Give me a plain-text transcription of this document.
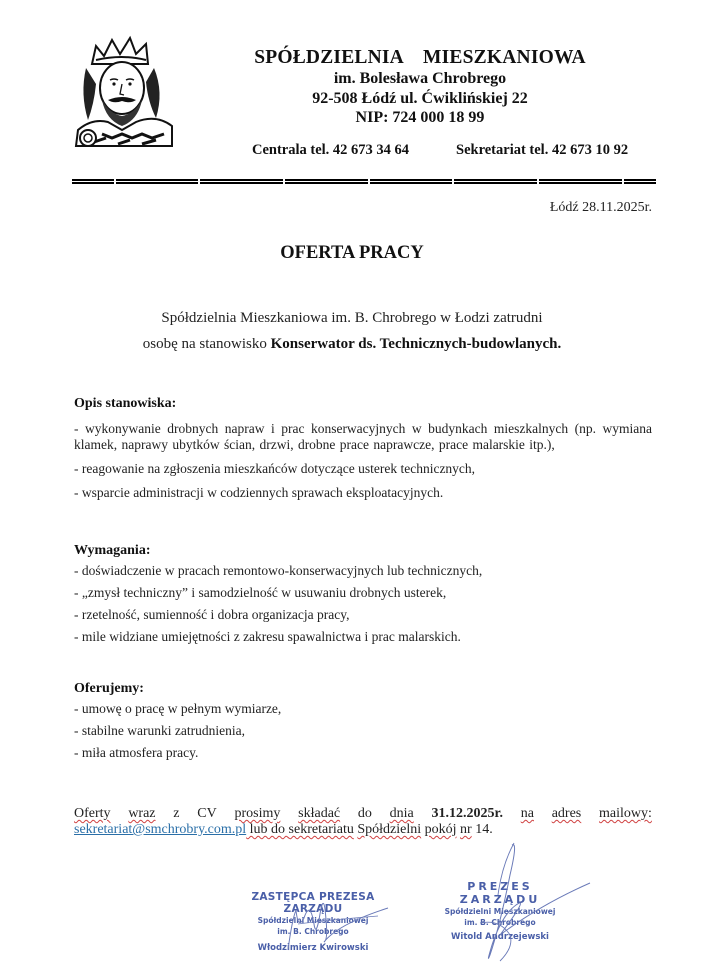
SPÓŁDZIELNIA  MIESZKANIOWA
im. Bolesława Chrobrego
92-508 Łódź ul. Ćwiklińskiej 22
NIP: 724 000 18 99
Centrala tel. 42 673 34 64	Sekretariat tel. 42 673 10 92
Łódź 28.11.2025r.
OFERTA PRACY
Spółdzielnia Mieszkaniowa im. B. Chrobrego w Łodzi zatrudni
osobę na stanowisko Konserwator ds. Technicznych-budowlanych.
Opis stanowiska:
- wykonywanie drobnych napraw i prac konserwacyjnych w budynkach mieszkalnych (np. wymiana klamek, naprawy ubytków ścian, drzwi, drobne prace naprawcze, prace malarskie itp.),
- reagowanie na zgłoszenia mieszkańców dotyczące usterek technicznych,
- wsparcie administracji w codziennych sprawach eksploatacyjnych.
Wymagania:
- doświadczenie w pracach remontowo-konserwacyjnych lub technicznych,
- „zmysł techniczny” i samodzielność w usuwaniu drobnych usterek,
- rzetelność, sumienność i dobra organizacja pracy,
- mile widziane umiejętności z zakresu spawalnictwa i prac malarskich.
Oferujemy:
- umowę o pracę w pełnym wymiarze,
- stabilne warunki zatrudnienia,
- miła atmosfera pracy.
Oferty wraz z CV prosimy składać do dnia 31.12.2025r. na adres mailowy:
sekretariat@smchrobry.com.pl lub do sekretariatu Spółdzielni pokój nr 14.
ZASTĘPCA PREZESA ZARZĄDU
Spółdzielni Mieszkaniowej
im. B. Chrobrego
Włodzimierz Kwirowski
PREZES ZARZĄDU
Spółdzielni Mieszkaniowej
im. B. Chrobrego
Witold Andrzejewski
